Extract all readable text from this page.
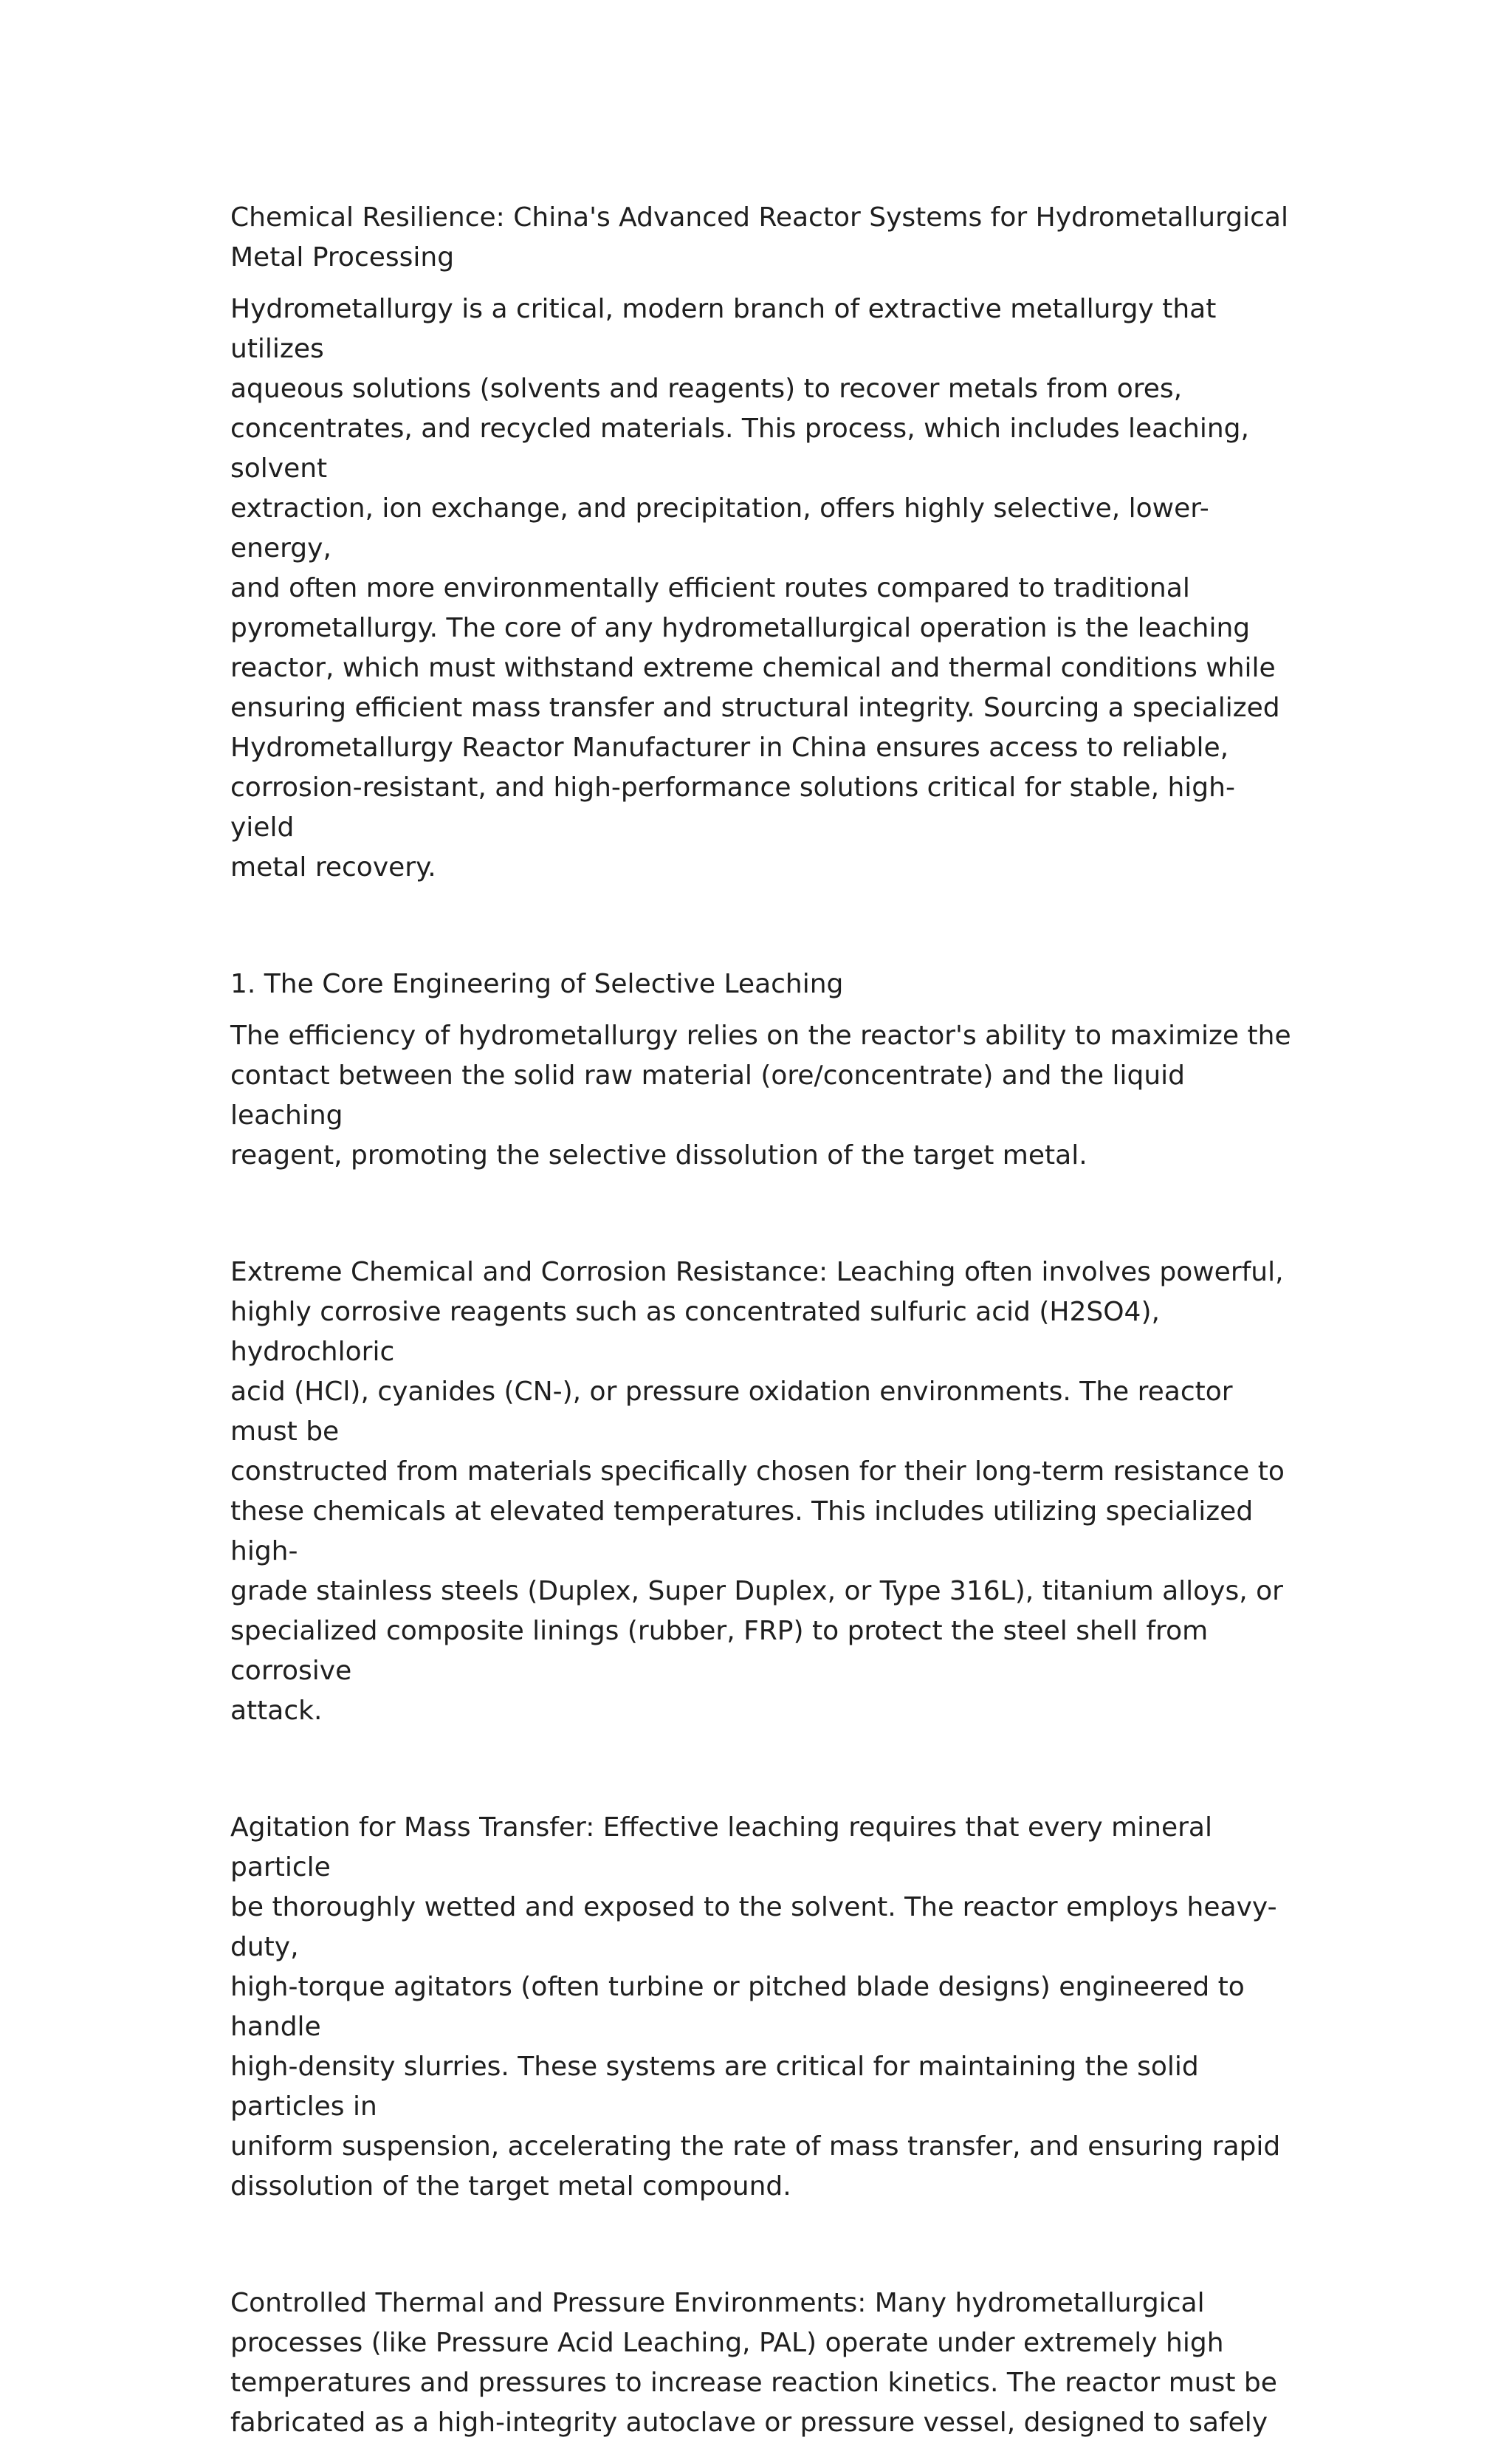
Chemical Resilience: China's Advanced Reactor Systems for Hydrometallurgical
Metal Processing

Hydrometallurgy is a critical, modern branch of extractive metallurgy that utilizes
aqueous solutions (solvents and reagents) to recover metals from ores,
concentrates, and recycled materials. This process, which includes leaching, solvent
extraction, ion exchange, and precipitation, offers highly selective, lower-energy,
and often more environmentally efficient routes compared to traditional
pyrometallurgy. The core of any hydrometallurgical operation is the leaching
reactor, which must withstand extreme chemical and thermal conditions while
ensuring efficient mass transfer and structural integrity. Sourcing a specialized
Hydrometallurgy Reactor Manufacturer in China ensures access to reliable,
corrosion-resistant, and high-performance solutions critical for stable, high-yield
metal recovery.

1. The Core Engineering of Selective Leaching

The efficiency of hydrometallurgy relies on the reactor's ability to maximize the
contact between the solid raw material (ore/concentrate) and the liquid leaching
reagent, promoting the selective dissolution of the target metal.

Extreme Chemical and Corrosion Resistance: Leaching often involves powerful,
highly corrosive reagents such as concentrated sulfuric acid (H2SO4), hydrochloric
acid (HCl), cyanides (CN-), or pressure oxidation environments. The reactor must be
constructed from materials specifically chosen for their long-term resistance to
these chemicals at elevated temperatures. This includes utilizing specialized high-
grade stainless steels (Duplex, Super Duplex, or Type 316L), titanium alloys, or
specialized composite linings (rubber, FRP) to protect the steel shell from corrosive
attack.

Agitation for Mass Transfer: Effective leaching requires that every mineral particle
be thoroughly wetted and exposed to the solvent. The reactor employs heavy-duty,
high-torque agitators (often turbine or pitched blade designs) engineered to handle
high-density slurries. These systems are critical for maintaining the solid particles in
uniform suspension, accelerating the rate of mass transfer, and ensuring rapid
dissolution of the target metal compound.

Controlled Thermal and Pressure Environments: Many hydrometallurgical
processes (like Pressure Acid Leaching, PAL) operate under extremely high
temperatures and pressures to increase reaction kinetics. The reactor must be
fabricated as a high-integrity autoclave or pressure vessel, designed to safely
